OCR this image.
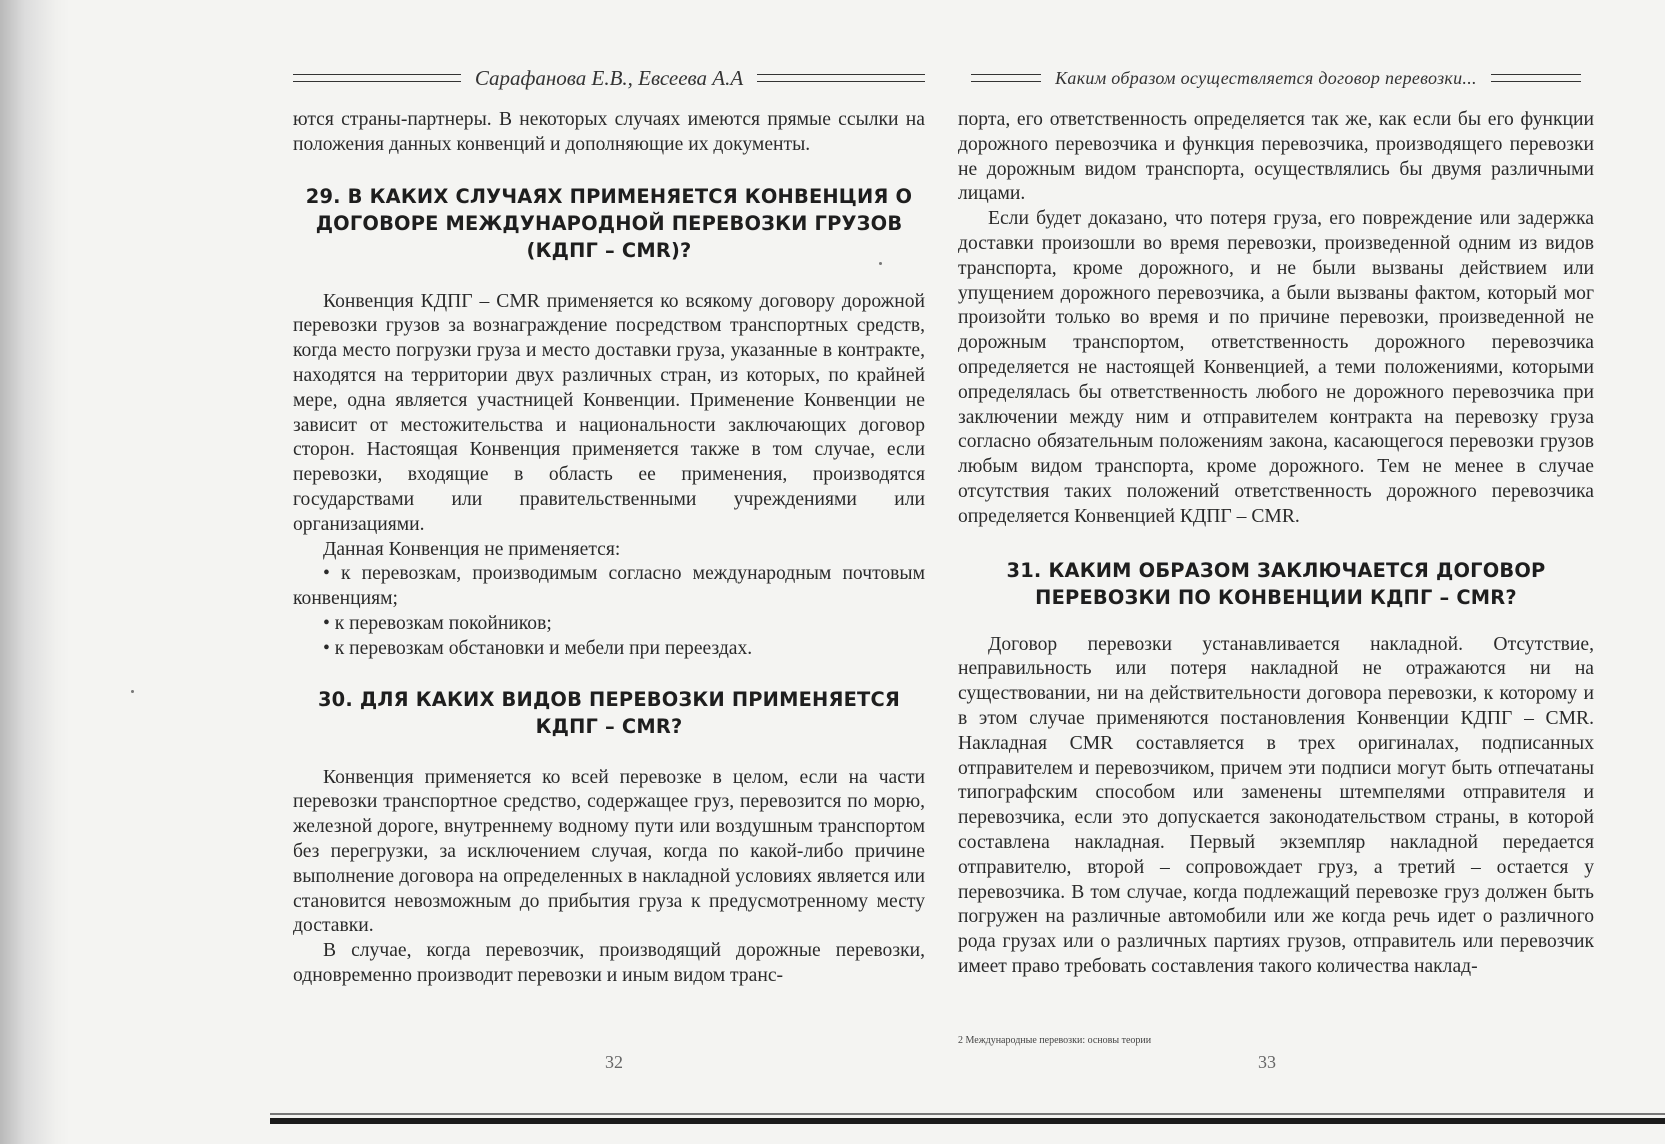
Сарафанова Е.В., Евсеева А.А

ются страны-партнеры. В некоторых случаях имеются прямые ссылки на положения данных конвенций и дополняющие их документы.

29. В КАКИХ СЛУЧАЯХ ПРИМЕНЯЕТСЯ КОНВЕНЦИЯ О ДОГОВОРЕ МЕЖДУНАРОДНОЙ ПЕРЕВОЗКИ ГРУЗОВ (КДПГ – CMR)?

Конвенция КДПГ – CMR применяется ко всякому договору дорожной перевозки грузов за вознаграждение посредством транспортных средств, когда место погрузки груза и место доставки груза, указанные в контракте, находятся на территории двух различных стран, из которых, по крайней мере, одна является участницей Конвенции. Применение Конвенции не зависит от местожительства и национальности заключающих договор сторон. Настоящая Конвенция применяется также в том случае, если перевозки, входящие в область ее применения, производятся государствами или правительственными учреждениями или организациями.

Данная Конвенция не применяется:

• к перевозкам, производимым согласно международным почтовым конвенциям;

• к перевозкам покойников;

• к перевозкам обстановки и мебели при переездах.

30. ДЛЯ КАКИХ ВИДОВ ПЕРЕВОЗКИ ПРИМЕНЯЕТСЯ КДПГ – CMR?

Конвенция применяется ко всей перевозке в целом, если на части перевозки транспортное средство, содержащее груз, перевозится по морю, железной дороге, внутреннему водному пути или воздушным транспортом без перегрузки, за исключением случая, когда по какой-либо причине выполнение договора на определенных в накладной условиях является или становится невозможным до прибытия груза к предусмотренному месту доставки.

В случае, когда перевозчик, производящий дорожные перевозки, одновременно производит перевозки и иным видом транс-

32
Каким образом осуществляется договор перевозки...

порта, его ответственность определяется так же, как если бы его функции дорожного перевозчика и функция перевозчика, производящего перевозки не дорожным видом транспорта, осуществлялись бы двумя различными лицами.

Если будет доказано, что потеря груза, его повреждение или задержка доставки произошли во время перевозки, произведенной одним из видов транспорта, кроме дорожного, и не были вызваны действием или упущением дорожного перевозчика, а были вызваны фактом, который мог произойти только во время и по причине перевозки, произведенной не дорожным транспортом, ответственность дорожного перевозчика определяется не настоящей Конвенцией, а теми положениями, которыми определялась бы ответственность любого не дорожного перевозчика при заключении между ним и отправителем контракта на перевозку груза согласно обязательным положениям закона, касающегося перевозки грузов любым видом транспорта, кроме дорожного. Тем не менее в случае отсутствия таких положений ответственность дорожного перевозчика определяется Конвенцией КДПГ – CMR.

31. КАКИМ ОБРАЗОМ ЗАКЛЮЧАЕТСЯ ДОГОВОР ПЕРЕВОЗКИ ПО КОНВЕНЦИИ КДПГ – CMR?

Договор перевозки устанавливается накладной. Отсутствие, неправильность или потеря накладной не отражаются ни на существовании, ни на действительности договора перевозки, к которому и в этом случае применяются постановления Конвенции КДПГ – CMR. Накладная CMR составляется в трех оригиналах, подписанных отправителем и перевозчиком, причем эти подписи могут быть отпечатаны типографским способом или заменены штемпелями отправителя и перевозчика, если это допускается законодательством страны, в которой составлена накладная. Первый экземпляр накладной передается отправителю, второй – сопровождает груз, а третий – остается у перевозчика. В том случае, когда подлежащий перевозке груз должен быть погружен на различные автомобили или же когда речь идет о различного рода грузах или о различных партиях грузов, отправитель или перевозчик имеет право требовать составления такого количества наклад-

2 Международные перевозки: основы теории
33
